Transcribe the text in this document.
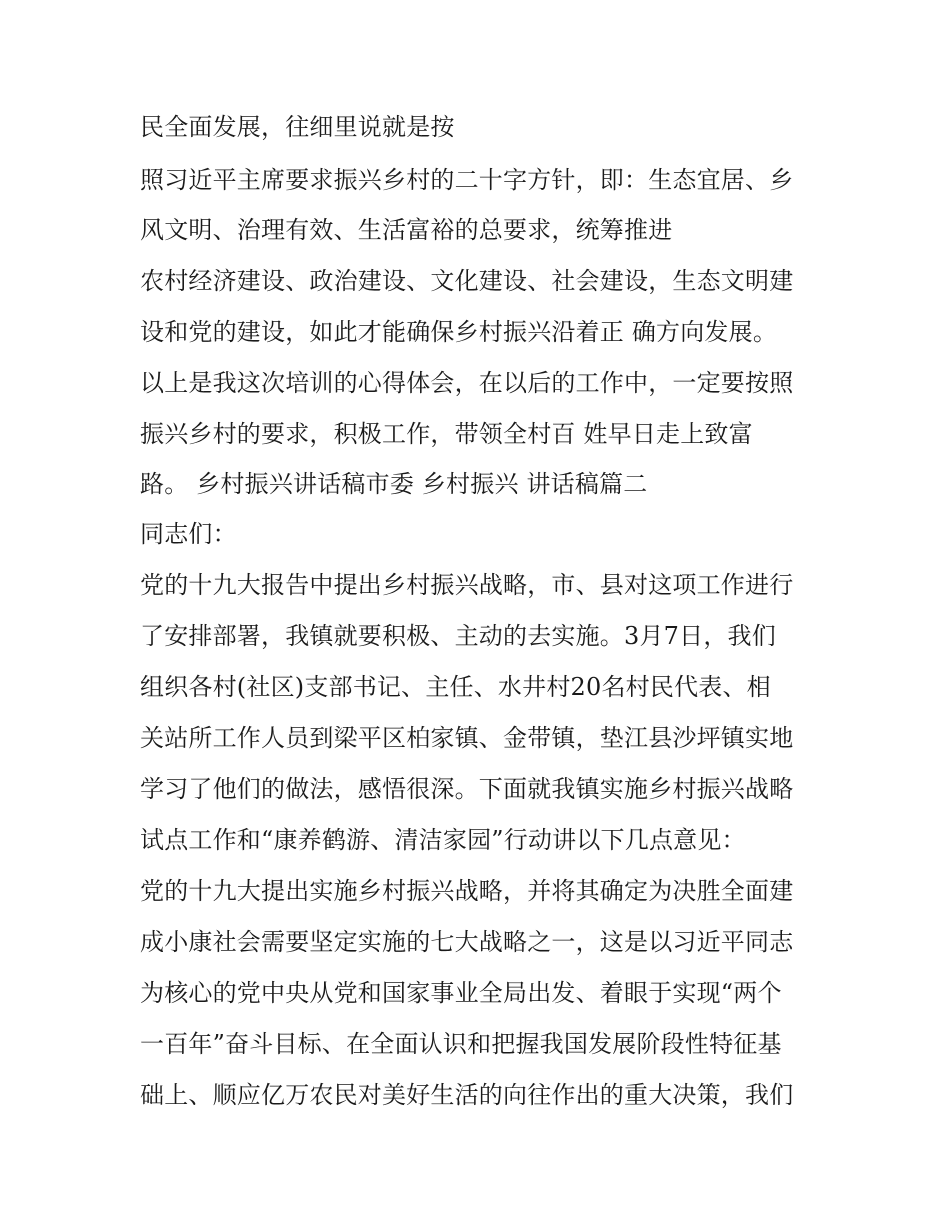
民全面发展，往细里说就是按
照习近平主席要求振兴乡村的二十字方针，即：生态宜居、乡
风文明、治理有效、生活富裕的总要求，统筹推进
农村经济建设、政治建设、文化建设、社会建设，生态文明建
设和党的建设，如此才能确保乡村振兴沿着正 确方向发展。
以上是我这次培训的心得体会，在以后的工作中，一定要按照
振兴乡村的要求，积极工作，带领全村百 姓早日走上致富
路。 乡村振兴讲话稿市委 乡村振兴 讲话稿篇二
同志们：
党的十九大报告中提出乡村振兴战略，市、县对这项工作进行
了安排部署，我镇就要积极、主动的去实施。3月7日，我们
组织各村(社区)支部书记、主任、水井村20名村民代表、相
关站所工作人员到梁平区柏家镇、金带镇，垫江县沙坪镇实地
学习了他们的做法，感悟很深。下面就我镇实施乡村振兴战略
试点工作和“康养鹤游、清洁家园”行动讲以下几点意见：
党的十九大提出实施乡村振兴战略，并将其确定为决胜全面建
成小康社会需要坚定实施的七大战略之一，这是以习近平同志
为核心的党中央从党和国家事业全局出发、着眼于实现“两个
一百年”奋斗目标、在全面认识和把握我国发展阶段性特征基
础上、顺应亿万农民对美好生活的向往作出的重大决策，我们
